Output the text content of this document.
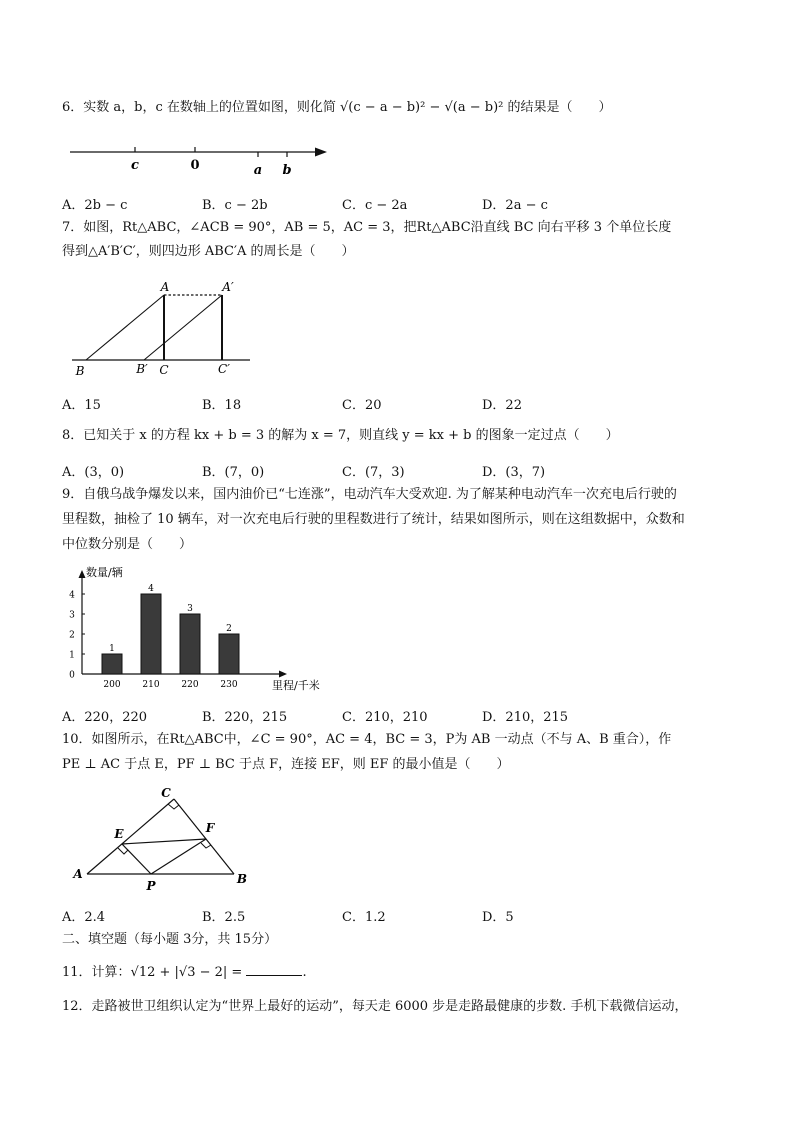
6．实数 a，b，c 在数轴上的位置如图，则化简 √(c − a − b)² − √(a − b)² 的结果是（　　）
c	0	a b
A．2b − c	B．c − 2b	C．c − 2a	D．2a − c
7．如图，Rt△ABC，∠ACB = 90°，AB = 5，AC = 3，把Rt△ABC沿直线 BC 向右平移 3 个单位长度
得到△A′B′C′，则四边形 ABC′A 的周长是（　　）
A	A′
B	B′ C	C′
A．15	B．18	C．20	D．22
8．已知关于 x 的方程 kx + b = 3 的解为 x = 7，则直线 y = kx + b 的图象一定过点（　　）
A．(3，0)	B．(7，0)	C．(7，3)	D．(3，7)
9．自俄乌战争爆发以来，国内油价已“七连涨”，电动汽车大受欢迎. 为了解某种电动汽车一次充电后行驶的
里程数，抽检了 10 辆车，对一次充电后行驶的里程数进行了统计，结果如图所示，则在这组数据中，众数和
中位数分别是（　　）
数量/辆
里程/千米
0
1
2
3
4
1
200
4
210
3
220
2
230
A．220，220	B．220，215	C．210，210	D．210，215
10．如图所示，在Rt△ABC中，∠C = 90°，AC = 4，BC = 3，P为 AB 一动点（不与 A、B 重合），作
PE ⊥ AC 于点 E，PF ⊥ BC 于点 F，连接 EF，则 EF 的最小值是（　　）
C
E	F
A	B
P
A．2.4	B．2.5	C．1.2	D．5
二、填空题（每小题 3分，共 15分）
11．计算：√12 + |√3 − 2| =	.
12．走路被世卫组织认定为“世界上最好的运动”，每天走 6000 步是走路最健康的步数. 手机下载微信运动，
